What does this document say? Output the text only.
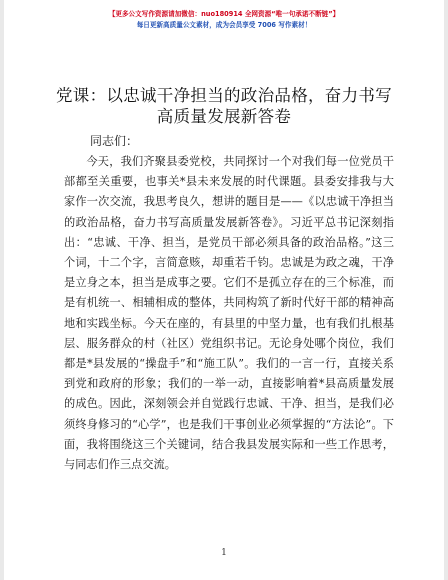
【更多公文写作资源请加微信：nuo180914 全网资源“唯一句承诺不断链”】
每日更新高质量公文素材，成为会员享受 7006 写作素材！
党课：以忠诚干净担当的政治品格，奋力书写
高质量发展新答卷
同志们：

今天，我们齐聚县委党校，共同探讨一个对我们每一位党员干部都至关重要，也事关*县未来发展的时代课题。县委安排我与大家作一次交流，我思考良久，想讲的题目是——《以忠诚干净担当的政治品格，奋力书写高质量发展新答卷》。习近平总书记深刻指出：“忠诚、干净、担当，是党员干部必须具备的政治品格。”这三个词，十二个字，言简意赅，却重若千钧。忠诚是为政之魂，干净是立身之本，担当是成事之要。它们不是孤立存在的三个标准，而是有机统一、相辅相成的整体，共同构筑了新时代好干部的精神高地和实践坐标。今天在座的，有县里的中坚力量，也有我们扎根基层、服务群众的村（社区）党组织书记。无论身处哪个岗位，我们都是*县发展的“操盘手”和“施工队”。我们的一言一行，直接关系到党和政府的形象；我们的一举一动，直接影响着*县高质量发展的成色。因此，深刻领会并自觉践行忠诚、干净、担当，是我们必须终身修习的“心学”，也是我们干事创业必须掌握的“方法论”。下面，我将围绕这三个关键词，结合我县发展实际和一些工作思考，与同志们作三点交流。

1
